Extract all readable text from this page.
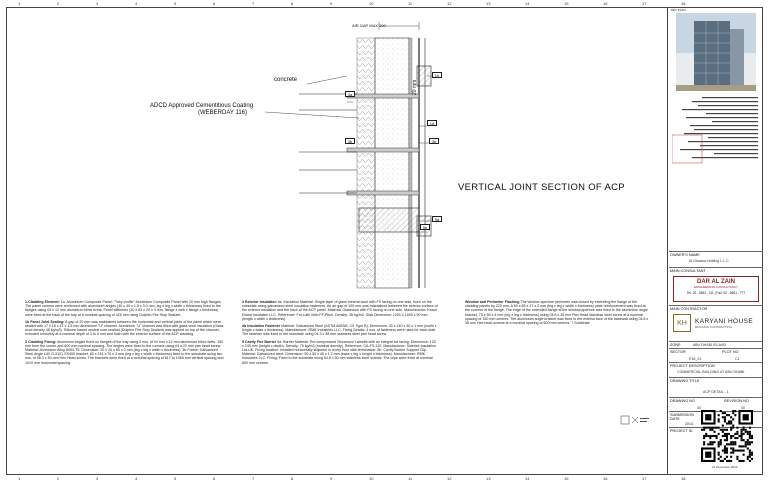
1	2	3	4	5	6	7	8	9	10	11	12	13	14	15	16	17	18
1	2	3	4	5	6	7	8	9	10	11	12	13	14	15	16	17	18
AIR GAP MAX 100
concrete
ADCD Approved Cementitious Coating
(WEBERDAY 116)
20 mm
1b
4a
1a
3b
4b
5a
5b
VERTICAL JOINT SECTION OF ACP

1-Cladding Element: 1a. Aluminium Composite Panel: "Tuky profile" Aluminium Composite Panel with 20 mm high flanges. The panel corners were reinforced with aluminium angles (40 x 40 x 1.5 x 3.0 mm, leg x leg x width x thickness) fixed to the flanges using 04 x 12 mm aluminium blind rivets. Panel stiffeners (20 x 63 x 20 x 4 mm, flange x web x flange x thickness) were fixed at the back of the bay at a nominal spacing of 425 mm using Dolphin Fire Stop Sealant.

1b Panel Joint Sealing: A gap of 20 mm was maintained between the horizontal and vertical joints of the panel which were sealed with 17 x 16 x 17 x 1.5 mm Aluminium "U" channel. Aluminium "U" channel was filled with glass wool insulation (Glass wool density 48 kg/m3). Silicone based neutral cure sealant (Dolphin Fire Stop Sealant) was applied on top of the channel, extruded smoothly at a nominal depth of 3 to 5 mm and flush with the exterior surface of the ACP cladding.

3 Cladding Fixing: Aluminium angles fixed on flanges of the tray using 2 nos. of 04 mm x 12 mm aluminium blind rivets. 150 mm from the corner and 600 mm nominal spacing. The angles were fixed to the runners using 04 x 22 mm pan head screw. Material: Aluminium Alloy 6063-T5. Dimension: 20 x 20 x 60 x 2 mm (leg x leg x width x thickness). 3b Frame: Galvanized Steel Angle L40 G-3101 SS400 bracket, 60 x 214 x 70 x 3 mm (leg x leg x width x thickness) fixed to the substrate using two nos. of 08.3 x 50 mm Hex Head screw. The brackets were fixed at a nominal spacing of 617 to 1065 mm vertical spacing and 1010 mm horizontal spacing.

4 Exterior Insulation 4a. Insulation Material: Single layer of glass mineral wool with FS facing on one side, fixed on the substrate using galvanized steel insulation fasteners. An air gap of 100 mm was maintained between the exterior surface of the exterior insulation and the back of the ACP panel. Material: Glasswool with FS facing on one side. Manufacturer: Knauf Extest Insulation LLC. Reference: Fur-Lath Web FF-Pitch. Density: 36 kg/m3. Slab Dimension: 1200 x 1500 x 50 mm (length x width x thickness).

4b Insulation Fastener Material: Galvanized Steel (ASTM A653M, CS Type B). Dimension: 30 x 140 x 30 x 1 mm (width x length x base x thickness). Manufacturer: RMK Industries LLC. Fixing Details: 4 nos. of fasteners were used for each slab. The fastener was fixed to the substrate using 04.3 x 38 mm stainless steel pan head screw.

5 Cavity Fire Barrier 5a. Barrier Material: Pre-compressed Stonewool Lamella with an integral foil facing. Dimension: 120 x 245 mm (height x depth). Density: 75 kg/m3 (nominal density). Reference: CA-FS-120. Manufacturer: Siderise Insulation Ltd-UK. Fixing location: Installed horizontally adjacent to every floor slab termination. 5b. Cavity Barrier Support Clip. Material: Galvanized steel. Dimension: 50 x 50 x 45 x 1.2 mm (base x leg x height x thickness). Manufacturer: RMK Industries LLC. Fixing: Fixed to the substrate using 04.8 x 50 mm stainless steel screws. The clips were fixed at nominal 600 mm centres.

Window and Perimeter Flashing The window aperture perimeter was closed by extending the flange of the cladding panels by 220 mm. A 60 x 65 x 17 x 2 mm (leg x leg x width x thickness) plate reinforcement was fixed at the corners of the flange. The edge of the extended flange at the window aperture was fixed to the aluminium angle bracket, 75 x 50 x 4 mm (leg x leg x thickness) using 04.8 x 35 mm Pan Head stainless steel screw at a nominal spacing of 150 mm centres. The aluminium angle bracket was fixed to the exterior face of the basewall using 04.8 x 38 mm Hex head screws at a nominal spacing of 600 mm centres. 7 Substrate

KEY PLAN
OWNER'S NAME
Al Ghaana Holding L.L.C
MAIN CONSULTANT
DAR AL ZAIN
ENGINEERING CONSULTANCY
Tel: 02 - 6661 - 111 | Fax: 02 - 6661 - 777
MAIN CONTRACTOR
KH	KARYANI HOUSE
BUILDING CONTRACTING
ZONE	ABU DHABI ISLAND
SECTOR	PLOT NO
E18_01	C1
PROJECT DESCRIPTION
COMMERCIAL BUILDING AT ABU DHABI
DRAWING TITLE
ACP DETAIL - 1
DRAWING NO	REVISION NO
04	00
SUBMISSION DATE
20/11
PROJECT ID
21 December 2022
